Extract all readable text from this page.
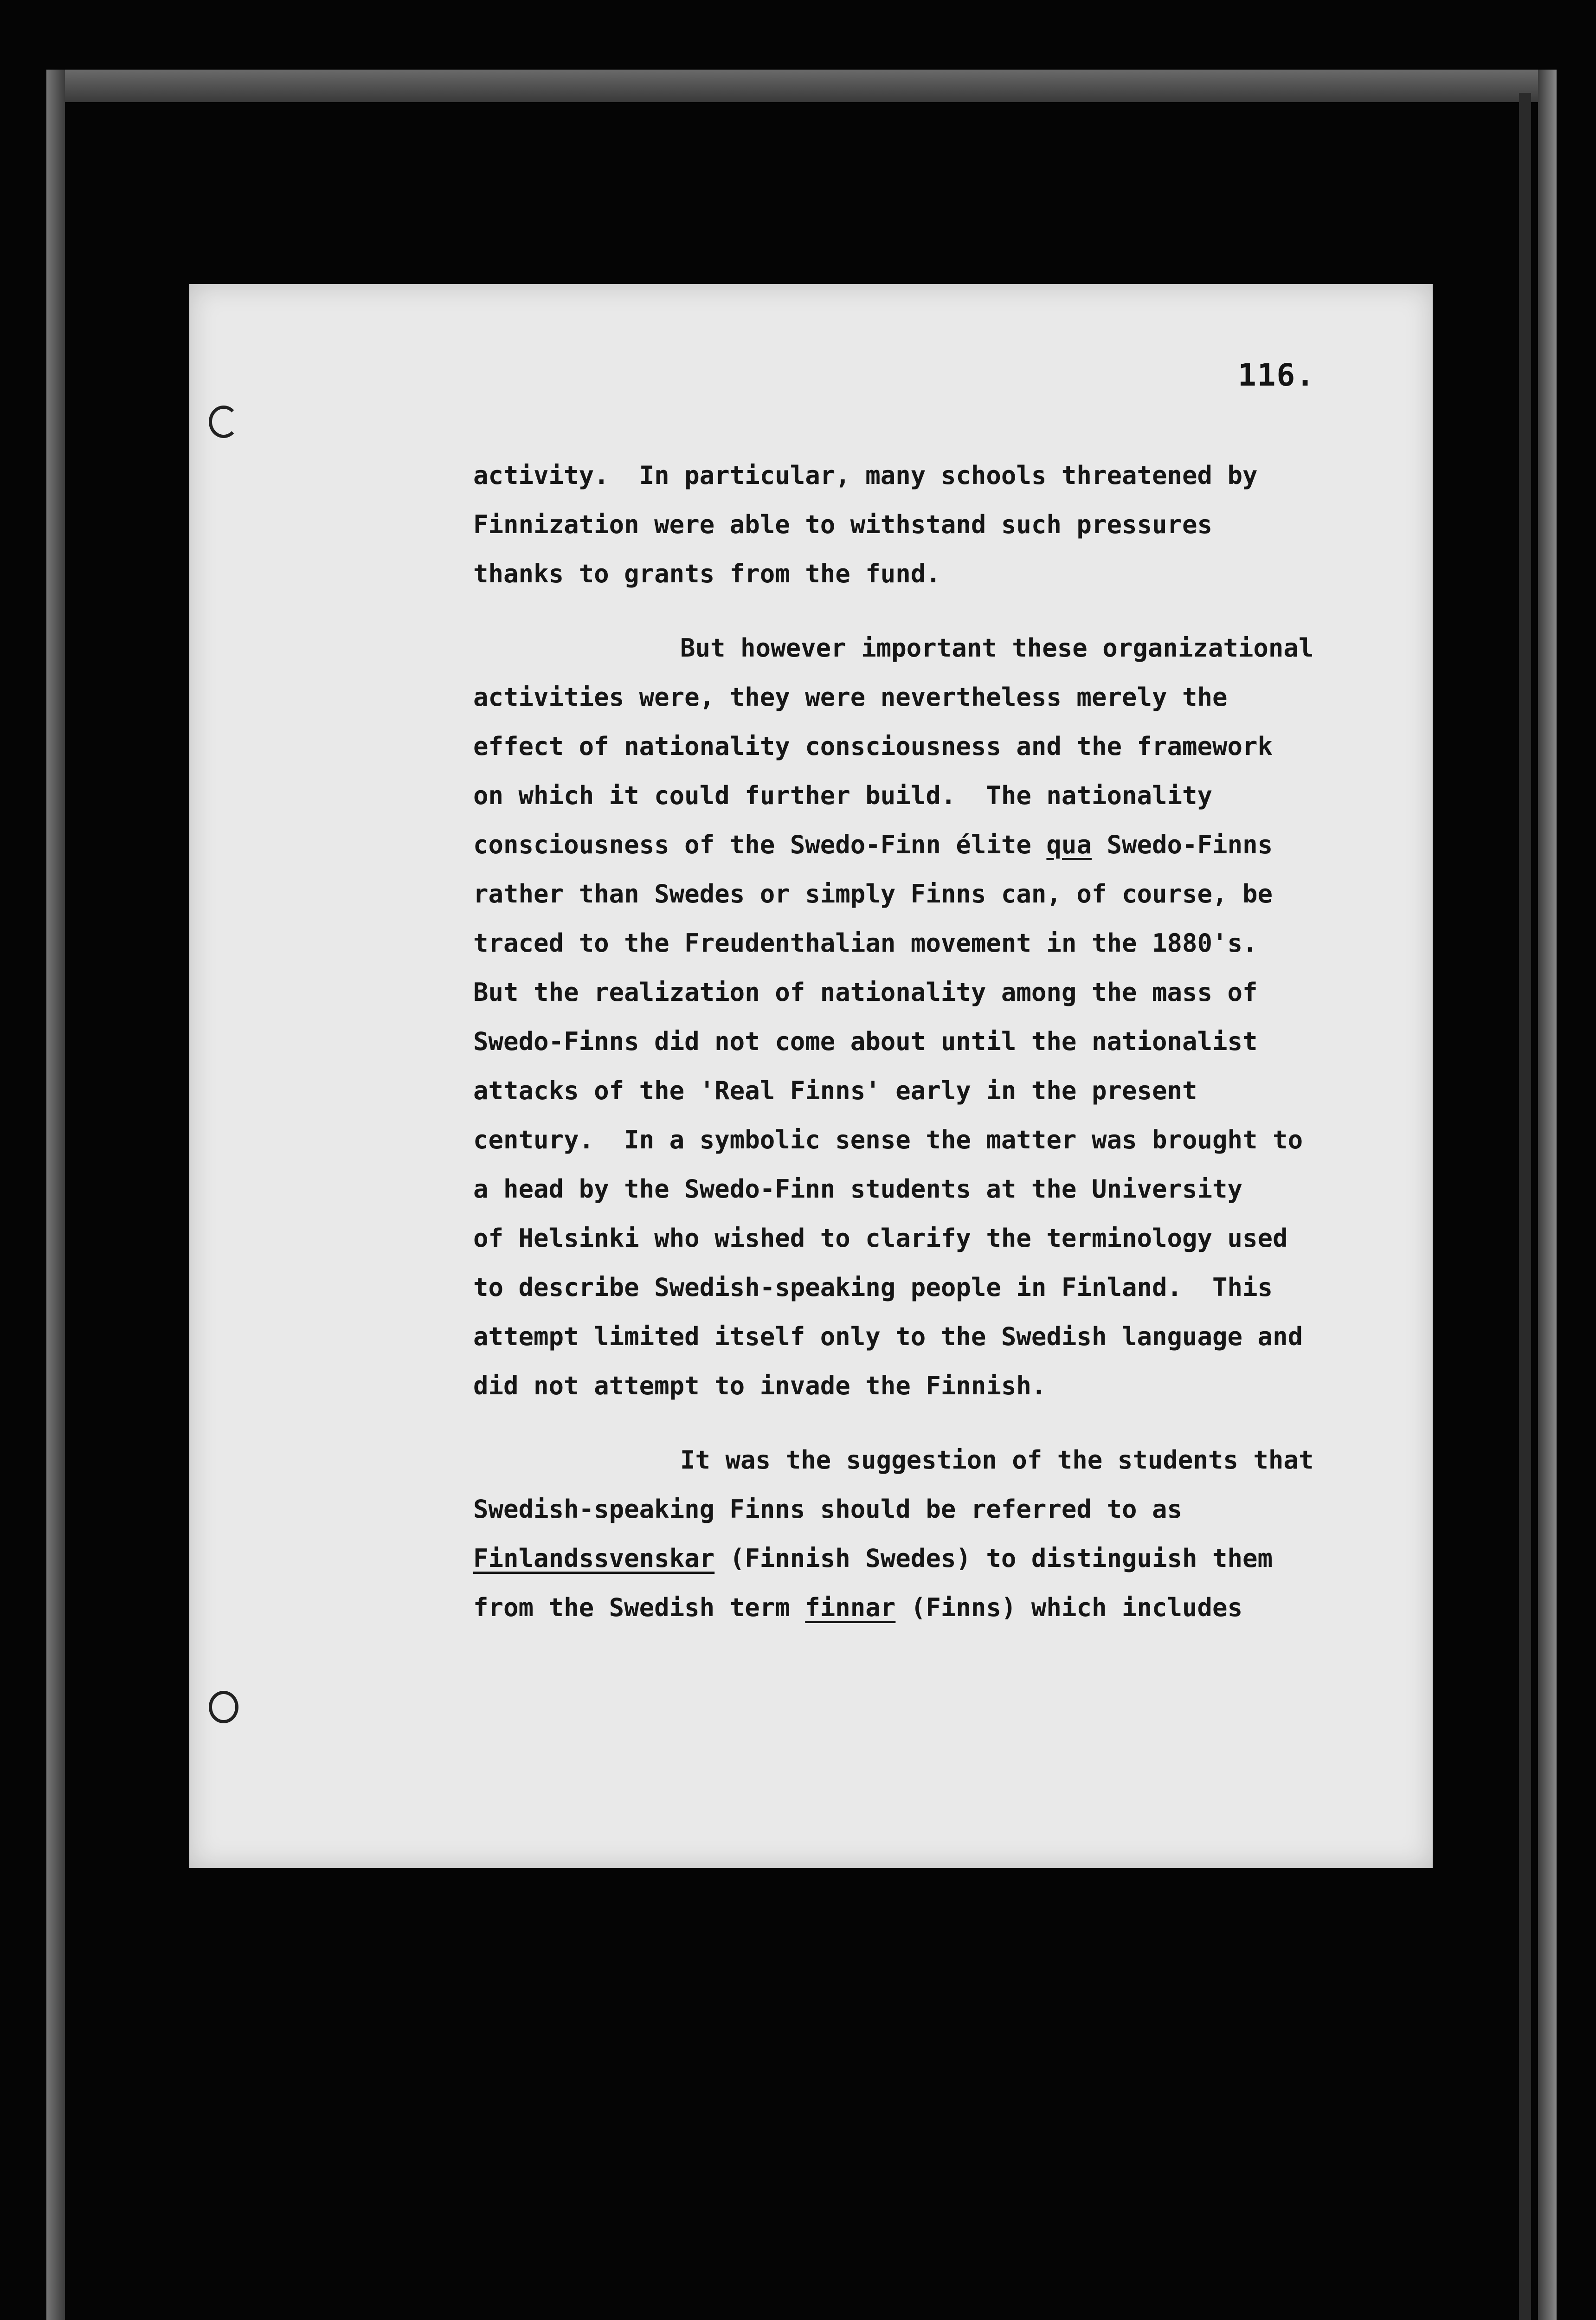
116.
activity.  In particular, many schools threatened by
Finnization were able to withstand such pressures
thanks to grants from the fund.
But however important these organizational
activities were, they were nevertheless merely the
effect of nationality consciousness and the framework
on which it could further build.  The nationality
consciousness of the Swedo-Finn élite qua Swedo-Finns
rather than Swedes or simply Finns can, of course, be
traced to the Freudenthalian movement in the 1880's.
But the realization of nationality among the mass of
Swedo-Finns did not come about until the nationalist
attacks of the 'Real Finns' early in the present
century.  In a symbolic sense the matter was brought to
a head by the Swedo-Finn students at the University
of Helsinki who wished to clarify the terminology used
to describe Swedish-speaking people in Finland.  This
attempt limited itself only to the Swedish language and
did not attempt to invade the Finnish.
It was the suggestion of the students that
Swedish-speaking Finns should be referred to as
Finlandssvenskar (Finnish Swedes) to distinguish them
from the Swedish term finnar (Finns) which includes
